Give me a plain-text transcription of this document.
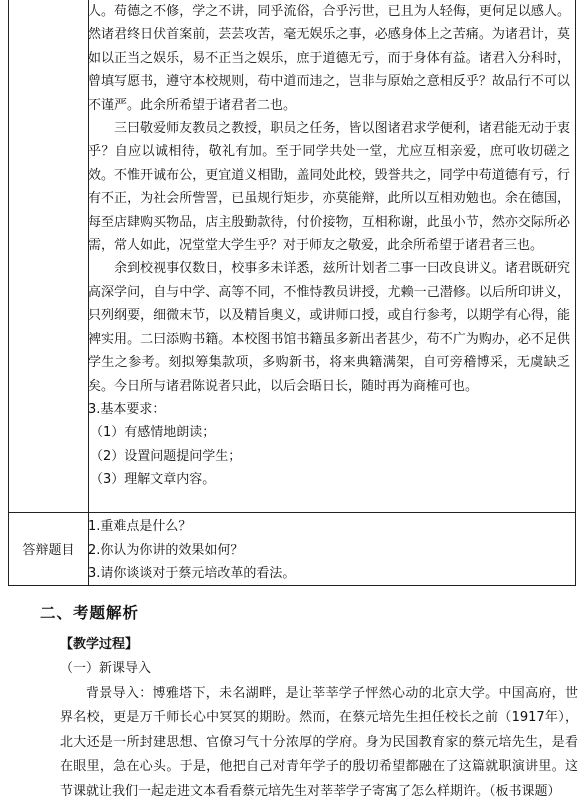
答辩题目

人。苟德之不修，学之不讲，同乎流俗，合乎污世，已且为人轻侮，更何足以感人。然诸君终日伏首案前，芸芸攻苦，毫无娱乐之事，必感身体上之苦痛。为诸君计，莫如以正当之娱乐，易不正当之娱乐，庶于道德无亏，而于身体有益。诸君入分科时，曾填写愿书，遵守本校规则，苟中道而违之，岂非与原始之意相反乎？故品行不可以不谨严。此余所希望于诸君者二也。

三曰敬爱师友教员之教授，职员之任务，皆以图诸君求学便利，诸君能无动于衷乎？自应以诚相待，敬礼有加。至于同学共处一堂，尤应互相亲爱，庶可收切磋之效。不惟开诚布公，更宜道义相勖，盖同处此校，毁誉共之，同学中苟道德有亏，行有不正，为社会所訾詈，已虽规行矩步，亦莫能辩，此所以互相劝勉也。余在德国，每至店肆购买物品，店主殷勤款待，付价接物，互相称谢，此虽小节，然亦交际所必需，常人如此，况堂堂大学生乎？对于师友之敬爱，此余所希望于诸君者三也。

余到校视事仅数日，校事多未详悉，兹所计划者二事一曰改良讲义。诸君既研究高深学问，自与中学、高等不同，不惟恃教员讲授，尤赖一己潜修。以后所印讲义，只列纲要，细微末节，以及精旨奥义，或讲师口授，或自行参考，以期学有心得，能裨实用。二曰添购书籍。本校图书馆书籍虽多新出者甚少，苟不广为购办，必不足供学生之参考。刻拟筹集款项，多购新书，将来典籍满架，自可旁稽博采，无虞缺乏矣。今日所与诸君陈说者只此，以后会晤日长，随时再为商榷可也。

3.基本要求：

（1）有感情地朗读；

（2）设置问题提问学生；

（3）理解文章内容。

1.重难点是什么？

2.你认为你讲的效果如何？

3.请你谈谈对于蔡元培改革的看法。

二、考题解析
【教学过程】
（一）新课导入

背景导入：博雅塔下，未名湖畔，是让莘莘学子怦然心动的北京大学。中国高府，世界名校，更是万千师长心中冥冥的期盼。然而，在蔡元培先生担任校长之前（1917年），北大还是一所封建思想、官僚习气十分浓厚的学府。身为民国教育家的蔡元培先生，是看在眼里，急在心头。于是，他把自己对青年学子的殷切希望都融在了这篇就职演讲里。这节课就让我们一起走进文本看看蔡元培先生对莘莘学子寄寓了怎么样期许。（板书课题）
